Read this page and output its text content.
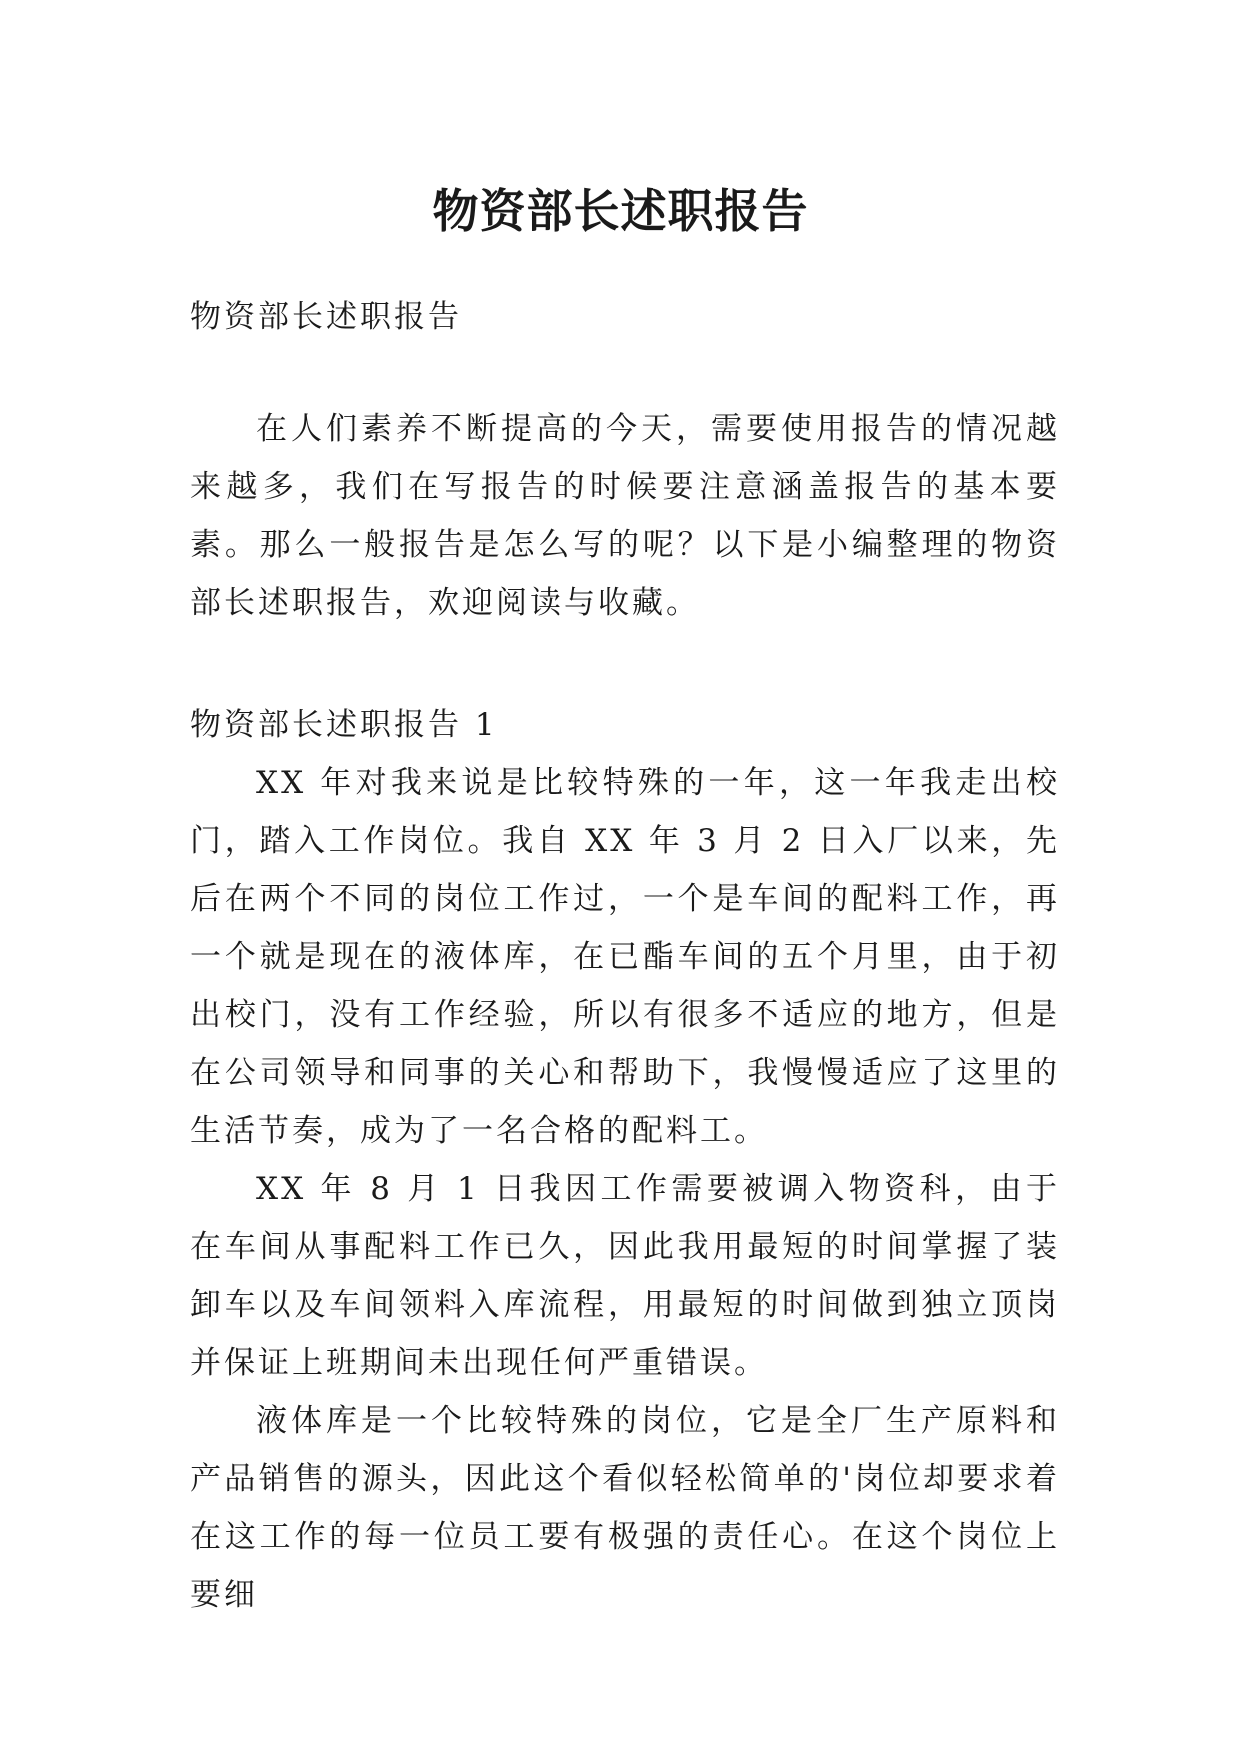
物资部长述职报告

物资部长述职报告

在人们素养不断提高的今天，需要使用报告的情况越来越多，我们在写报告的时候要注意涵盖报告的基本要素。那么一般报告是怎么写的呢？以下是小编整理的物资部长述职报告，欢迎阅读与收藏。

物资部长述职报告 1

XX 年对我来说是比较特殊的一年，这一年我走出校门，踏入工作岗位。我自 XX 年 3 月 2 日入厂以来，先后在两个不同的岗位工作过，一个是车间的配料工作，再一个就是现在的液体库，在已酯车间的五个月里，由于初出校门，没有工作经验，所以有很多不适应的地方，但是在公司领导和同事的关心和帮助下，我慢慢适应了这里的生活节奏，成为了一名合格的配料工。

XX 年 8 月 1 日我因工作需要被调入物资科，由于在车间从事配料工作已久，因此我用最短的时间掌握了装卸车以及车间领料入库流程，用最短的时间做到独立顶岗并保证上班期间未出现任何严重错误。

液体库是一个比较特殊的岗位，它是全厂生产原料和产品销售的源头，因此这个看似轻松简单的'岗位却要求着在这工作的每一位员工要有极强的责任心。在这个岗位上要细
